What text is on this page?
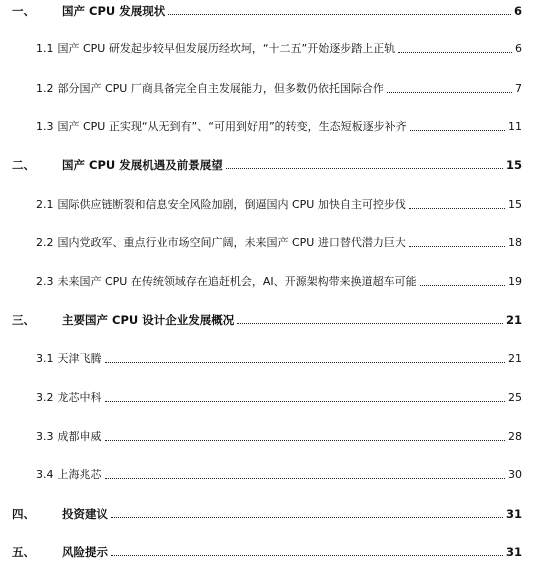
一、	国产 CPU 发展现状	6
1.1 国产 CPU 研发起步较早但发展历经坎坷，“十二五”开始逐步踏上正轨	6
1.2 部分国产 CPU 厂商具备完全自主发展能力，但多数仍依托国际合作	7
1.3 国产 CPU 正实现“从无到有”、“可用到好用”的转变，生态短板逐步补齐	11
二、	国产 CPU 发展机遇及前景展望	15
2.1 国际供应链断裂和信息安全风险加剧，倒逼国内 CPU 加快自主可控步伐	15
2.2 国内党政军、重点行业市场空间广阔，未来国产 CPU 进口替代潜力巨大	18
2.3 未来国产 CPU 在传统领域存在追赶机会，AI、开源架构带来换道超车可能	19
三、	主要国产 CPU 设计企业发展概况	21
3.1 天津飞腾	21
3.2 龙芯中科	25
3.3 成都申威	28
3.4 上海兆芯	30
四、	投资建议	31
五、	风险提示	31
